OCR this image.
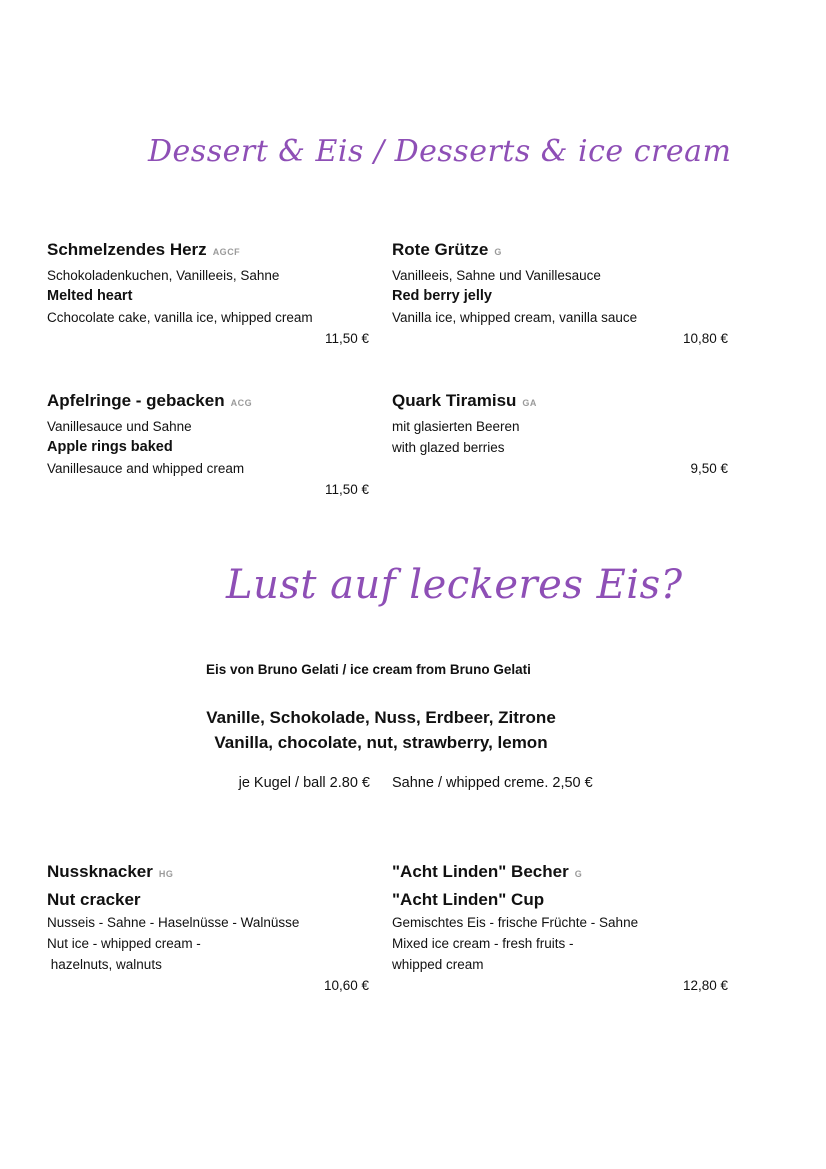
Dessert & Eis / Desserts & ice cream
Schmelzendes Herz AGCF
Schokoladenkuchen, Vanilleeis, Sahne
Melted heart
Cchocolate cake, vanilla ice, whipped cream
11,50 €
Rote Grütze G
Vanilleeis, Sahne und Vanillesauce
Red berry jelly
Vanilla ice, whipped cream, vanilla sauce
10,80 €
Apfelringe - gebacken ACG
Vanillesauce und Sahne
Apple rings baked
Vanillesauce and whipped cream
11,50 €
Quark Tiramisu GA
mit glasierten Beeren
with glazed berries
9,50 €
Lust auf leckeres Eis?
Eis von Bruno Gelati / ice cream from Bruno Gelati
Vanille, Schokolade, Nuss, Erdbeer, Zitrone
Vanilla, chocolate, nut, strawberry, lemon
je Kugel / ball 2.80 € Sahne / whipped creme. 2,50 €
Nussknacker HG
Nut cracker
Nusseis - Sahne - Haselnüsse - Walnüsse
Nut ice - whipped cream -
hazelnuts, walnuts
10,60 €
"Acht Linden" Becher G
"Acht Linden" Cup
Gemischtes Eis - frische Früchte - Sahne
Mixed ice cream - fresh fruits -
whipped cream
12,80 €
